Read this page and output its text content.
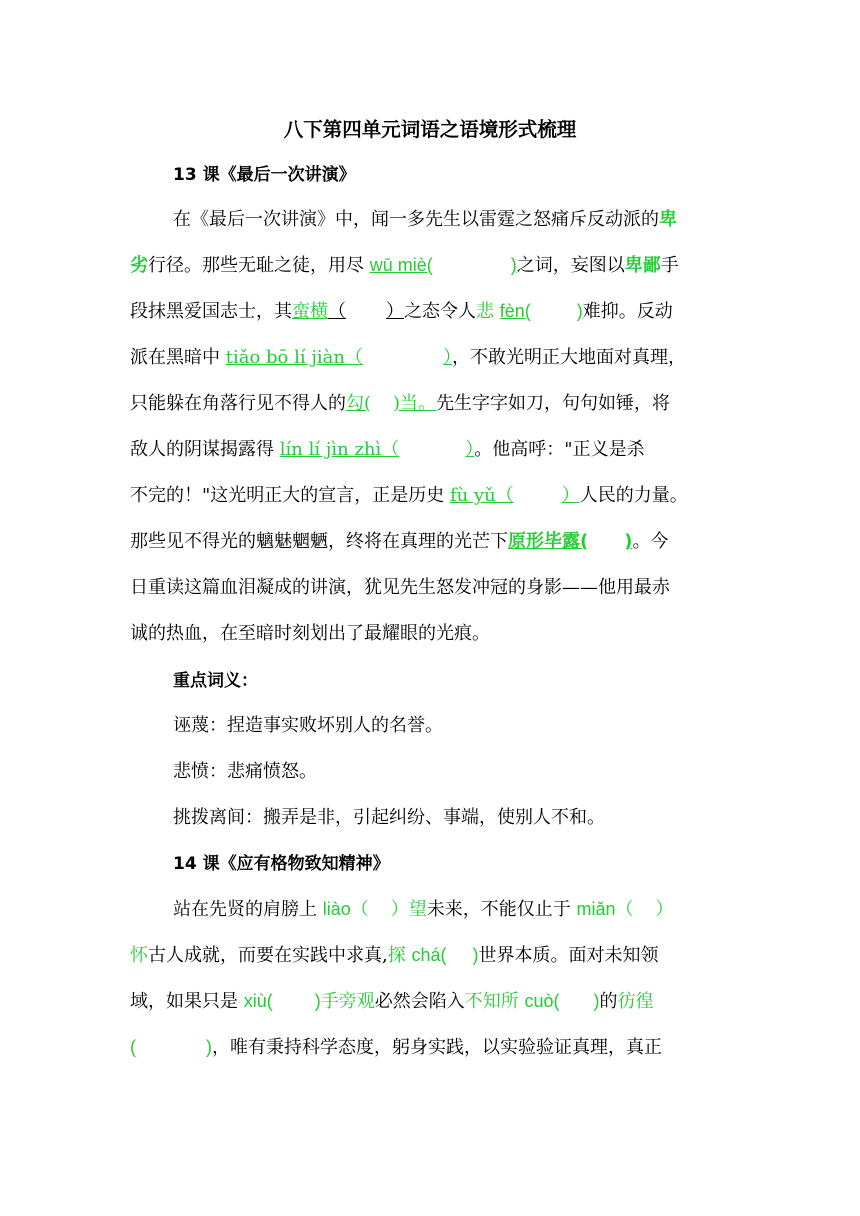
八下第四单元词语之语境形式梳理
13 课《最后一次讲演》
在《最后一次讲演》中，闻一多先生以雷霆之怒痛斥反动派的卑
劣行径。那些无耻之徒，用尽 wū miè(	)之词，妄图以卑鄙手
段抹黑爱国志士，其蛮横（ ）之态令人悲 fèn(	)难抑。反动
派在黑暗中 tiǎo bō lí jiàn（	），不敢光明正大地面对真理，
只能躲在角落行见不得人的勾( )当。先生字字如刀，句句如锤，将
敌人的阴谋揭露得 lín lí jìn zhì（	）。他高呼："正义是杀
不完的！"这光明正大的宣言，正是历史 fù yǔ（	）人民的力量。
那些见不得光的魑魅魍魉，终将在真理的光芒下原形毕露( )。今
日重读这篇血泪凝成的讲演，犹见先生怒发冲冠的身影——他用最赤
诚的热血，在至暗时刻划出了最耀眼的光痕。
重点词义：
诬蔑：捏造事实败坏别人的名誉。
悲愤：悲痛愤怒。
挑拨离间：搬弄是非，引起纠纷、事端，使别人不和。
14 课《应有格物致知精神》
站在先贤的肩膀上 liào（ ）望未来，不能仅止于 miǎn（ ）
怀古人成就，而要在实践中求真,探 chá( )世界本质。面对未知领
域，如果只是 xiù( )手旁观必然会陷入不知所 cuò( )的彷徨
(	)，唯有秉持科学态度，躬身实践，以实验验证真理，真正
